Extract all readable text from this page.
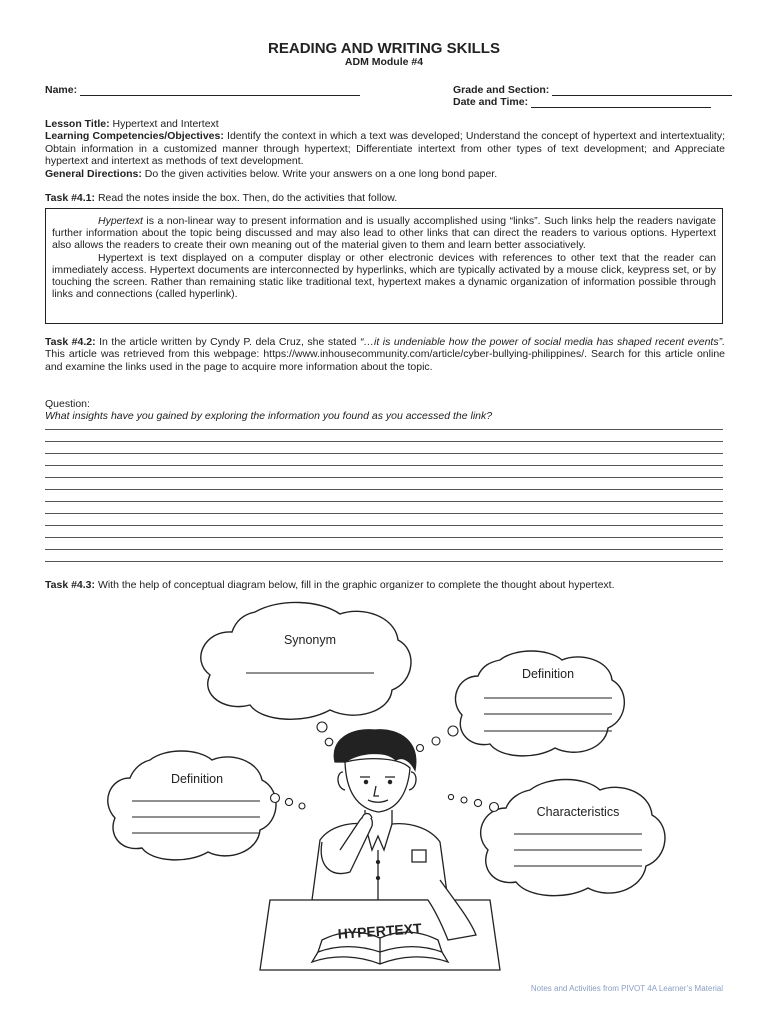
READING AND WRITING SKILLS
ADM Module #4
Name:	Grade and Section:
Date and Time:
Lesson Title: Hypertext and Intertext
Learning Competencies/Objectives: Identify the context in which a text was developed; Understand the concept of hypertext and intertextuality; Obtain information in a customized manner through hypertext; Differentiate intertext from other types of text development; and Appreciate hypertext and intertext as methods of text development.
General Directions: Do the given activities below. Write your answers on a one long bond paper.
Task #4.1: Read the notes inside the box. Then, do the activities that follow.

Hypertext is a non-linear way to present information and is usually accomplished using “links”. Such links help the readers navigate further information about the topic being discussed and may also lead to other links that can direct the readers to various options. Hypertext also allows the readers to create their own meaning out of the material given to them and learn better associatively.

Hypertext is text displayed on a computer display or other electronic devices with references to other text that the reader can immediately access. Hypertext documents are interconnected by hyperlinks, which are typically activated by a mouse click, keypress set, or by touching the screen. Rather than remaining static like traditional text, hypertext makes a dynamic organization of information possible through links and connections (called hyperlink).

Task #4.2: In the article written by Cyndy P. dela Cruz, she stated “…it is undeniable how the power of social media has shaped recent events”. This article was retrieved from this webpage: https://www.inhousecommunity.com/article/cyber-bullying-philippines/. Search for this article online and examine the links used in the page to acquire more information about the topic.
Question:
What insights have you gained by exploring the information you found as you accessed the link?
Task #4.3: With the help of conceptual diagram below, fill in the graphic organizer to complete the thought about hypertext.
Synonym
Definition
Definition
Characteristics
HYPERTEXT
Notes and Activities from PIVOT 4A Learner’s Material
